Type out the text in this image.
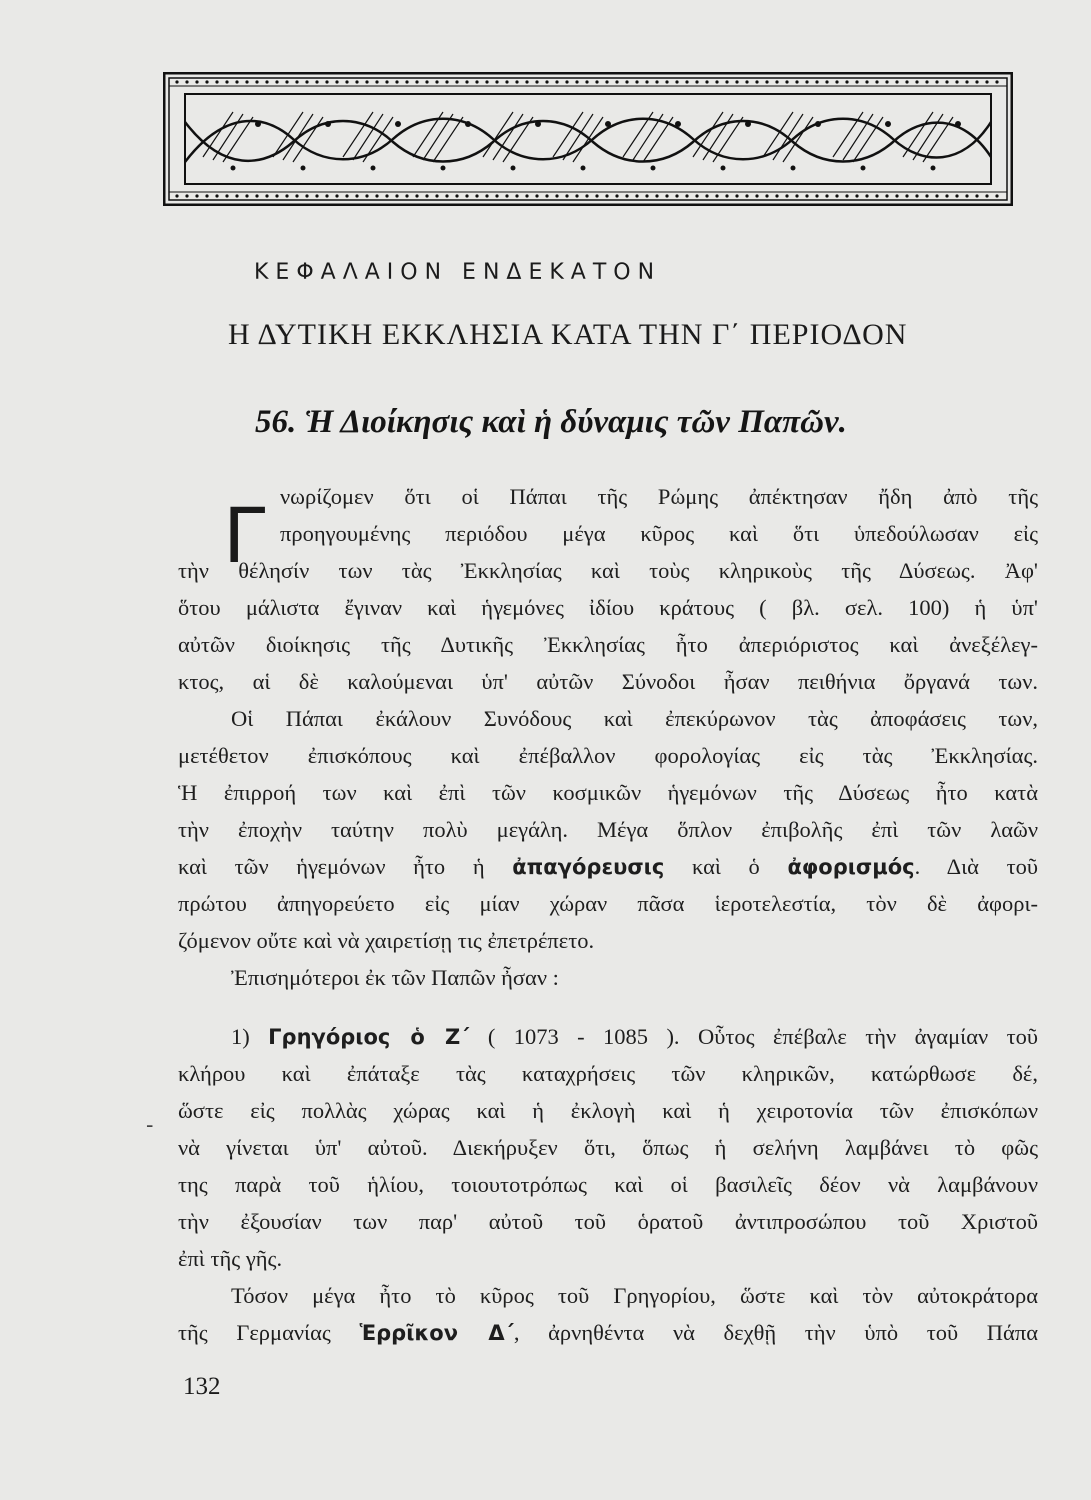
ΚΕΦΑΛΑΙΟΝ ΕΝΔΕΚΑΤΟΝ
Η ΔΥΤΙΚΗ ΕΚΚΛΗΣΙΑ ΚΑΤΑ ΤΗΝ Γ΄ ΠΕΡΙΟΔΟΝ
56. Ἡ Διοίκησις καὶ ἡ δύναμις τῶν Παπῶν.
Γ νωρίζομεν ὅτι οἱ Πάπαι τῆς Ρώμης ἀπέκτησαν ἤδη ἀπὸ τῆς
προηγουμένης περιόδου μέγα κῦρος καὶ ὅτι ὑπεδούλωσαν εἰς
τὴν θέλησίν των τὰς Ἐκκλησίας καὶ τοὺς κληρικοὺς τῆς Δύσεως. Ἀφ'
ὅτου μάλιστα ἔγιναν καὶ ἡγεμόνες ἰδίου κράτους ( βλ. σελ. 100) ἡ ὑπ'
αὐτῶν διοίκησις τῆς Δυτικῆς Ἐκκλησίας ἦτο ἀπεριόριστος καὶ ἀνεξέλεγ-
κτος, αἱ δὲ καλούμεναι ὑπ' αὐτῶν Σύνοδοι ἦσαν πειθήνια ὄργανά των.
Οἱ Πάπαι ἐκάλουν Συνόδους καὶ ἐπεκύρωνον τὰς ἀποφάσεις των,
μετέθετον ἐπισκόπους καὶ ἐπέβαλλον φορολογίας εἰς τὰς Ἐκκλησίας.
Ἡ ἐπιρροή των καὶ ἐπὶ τῶν κοσμικῶν ἡγεμόνων τῆς Δύσεως ἦτο κατὰ
τὴν ἐποχὴν ταύτην πολὺ μεγάλη. Μέγα ὅπλον ἐπιβολῆς ἐπὶ τῶν λαῶν
καὶ τῶν ἡγεμόνων ἦτο ἡ ἀπαγόρευσις καὶ ὁ ἀφορισμός. Διὰ τοῦ
πρώτου ἀπηγορεύετο εἰς μίαν χώραν πᾶσα ἱεροτελεστία, τὸν δὲ ἀφορι-
ζόμενον οὔτε καὶ νὰ χαιρετίσῃ τις ἐπετρέπετο.
Ἐπισημότεροι ἐκ τῶν Παπῶν ἦσαν :
1) Γρηγόριος ὁ Ζ΄ ( 1073 - 1085 ). Οὗτος ἐπέβαλε τὴν ἀγαμίαν τοῦ
κλήρου καὶ ἐπάταξε τὰς καταχρήσεις τῶν κληρικῶν, κατώρθωσε δέ,
ὥστε εἰς πολλὰς χώρας καὶ ἡ ἐκλογὴ καὶ ἡ χειροτονία τῶν ἐπισκόπων
νὰ γίνεται ὑπ' αὐτοῦ. Διεκήρυξεν ὅτι, ὅπως ἡ σελήνη λαμβάνει τὸ φῶς
της παρὰ τοῦ ἡλίου, τοιουτοτρόπως καὶ οἱ βασιλεῖς δέον νὰ λαμβάνουν
τὴν ἐξουσίαν των παρ' αὐτοῦ τοῦ ὁρατοῦ ἀντιπροσώπου τοῦ Χριστοῦ
ἐπὶ τῆς γῆς.
Τόσον μέγα ἦτο τὸ κῦρος τοῦ Γρηγορίου, ὥστε καὶ τὸν αὐτοκράτορα
τῆς Γερμανίας Ἑρρῖκον Δ΄, ἀρνηθέντα νὰ δεχθῇ τὴν ὑπὸ τοῦ Πάπα
-
132
